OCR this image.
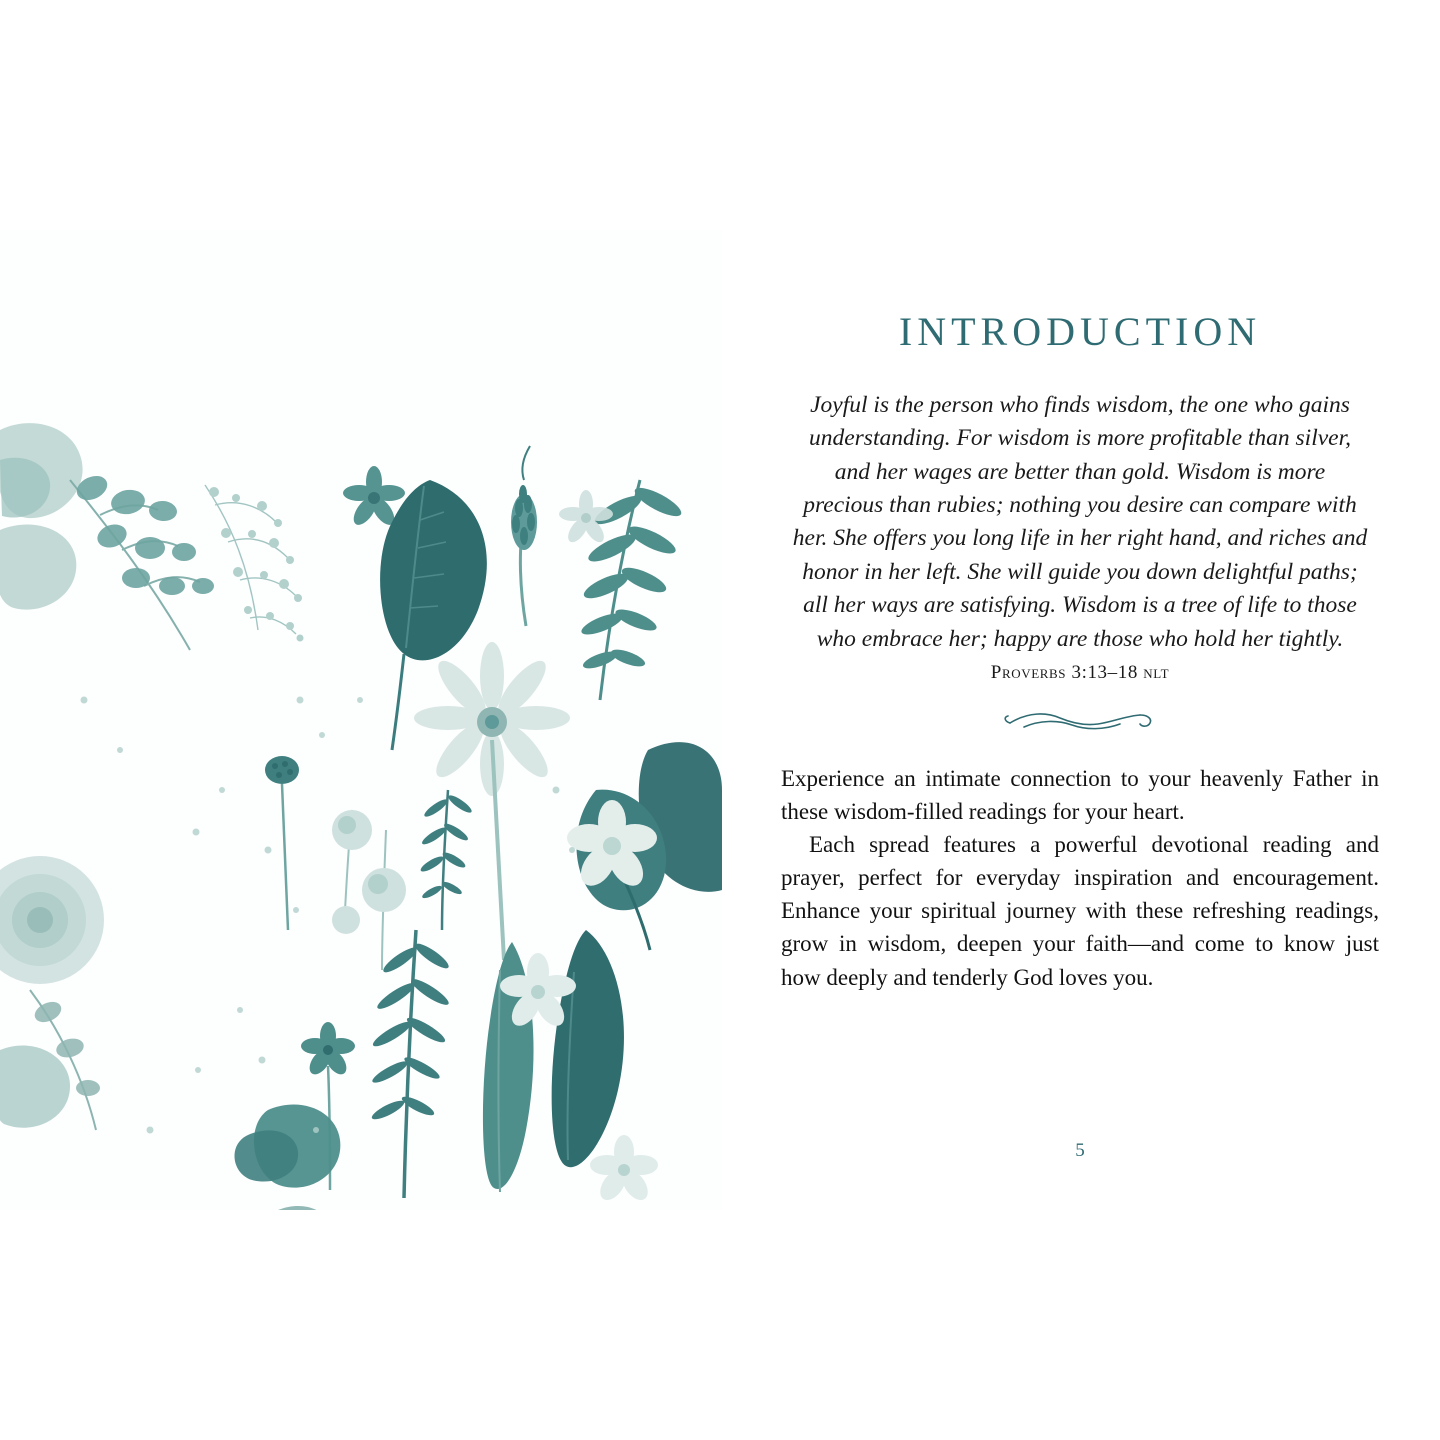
INTRODUCTION
Joyful is the person who finds wisdom, the one who gains understanding. For wisdom is more profitable than silver, and her wages are better than gold. Wisdom is more precious than rubies; nothing you desire can compare with her. She offers you long life in her right hand, and riches and honor in her left. She will guide you down delightful paths; all her ways are satisfying. Wisdom is a tree of life to those who embrace her; happy are those who hold her tightly.
Proverbs 3:13–18 nlt

Experience an intimate connection to your heavenly Father in these wisdom-filled readings for your heart.

Each spread features a powerful devotional reading and prayer, perfect for everyday inspiration and encouragement. Enhance your spiritual journey with these refreshing readings, grow in wisdom, deepen your faith—and come to know just how deeply and tenderly God loves you.

5
